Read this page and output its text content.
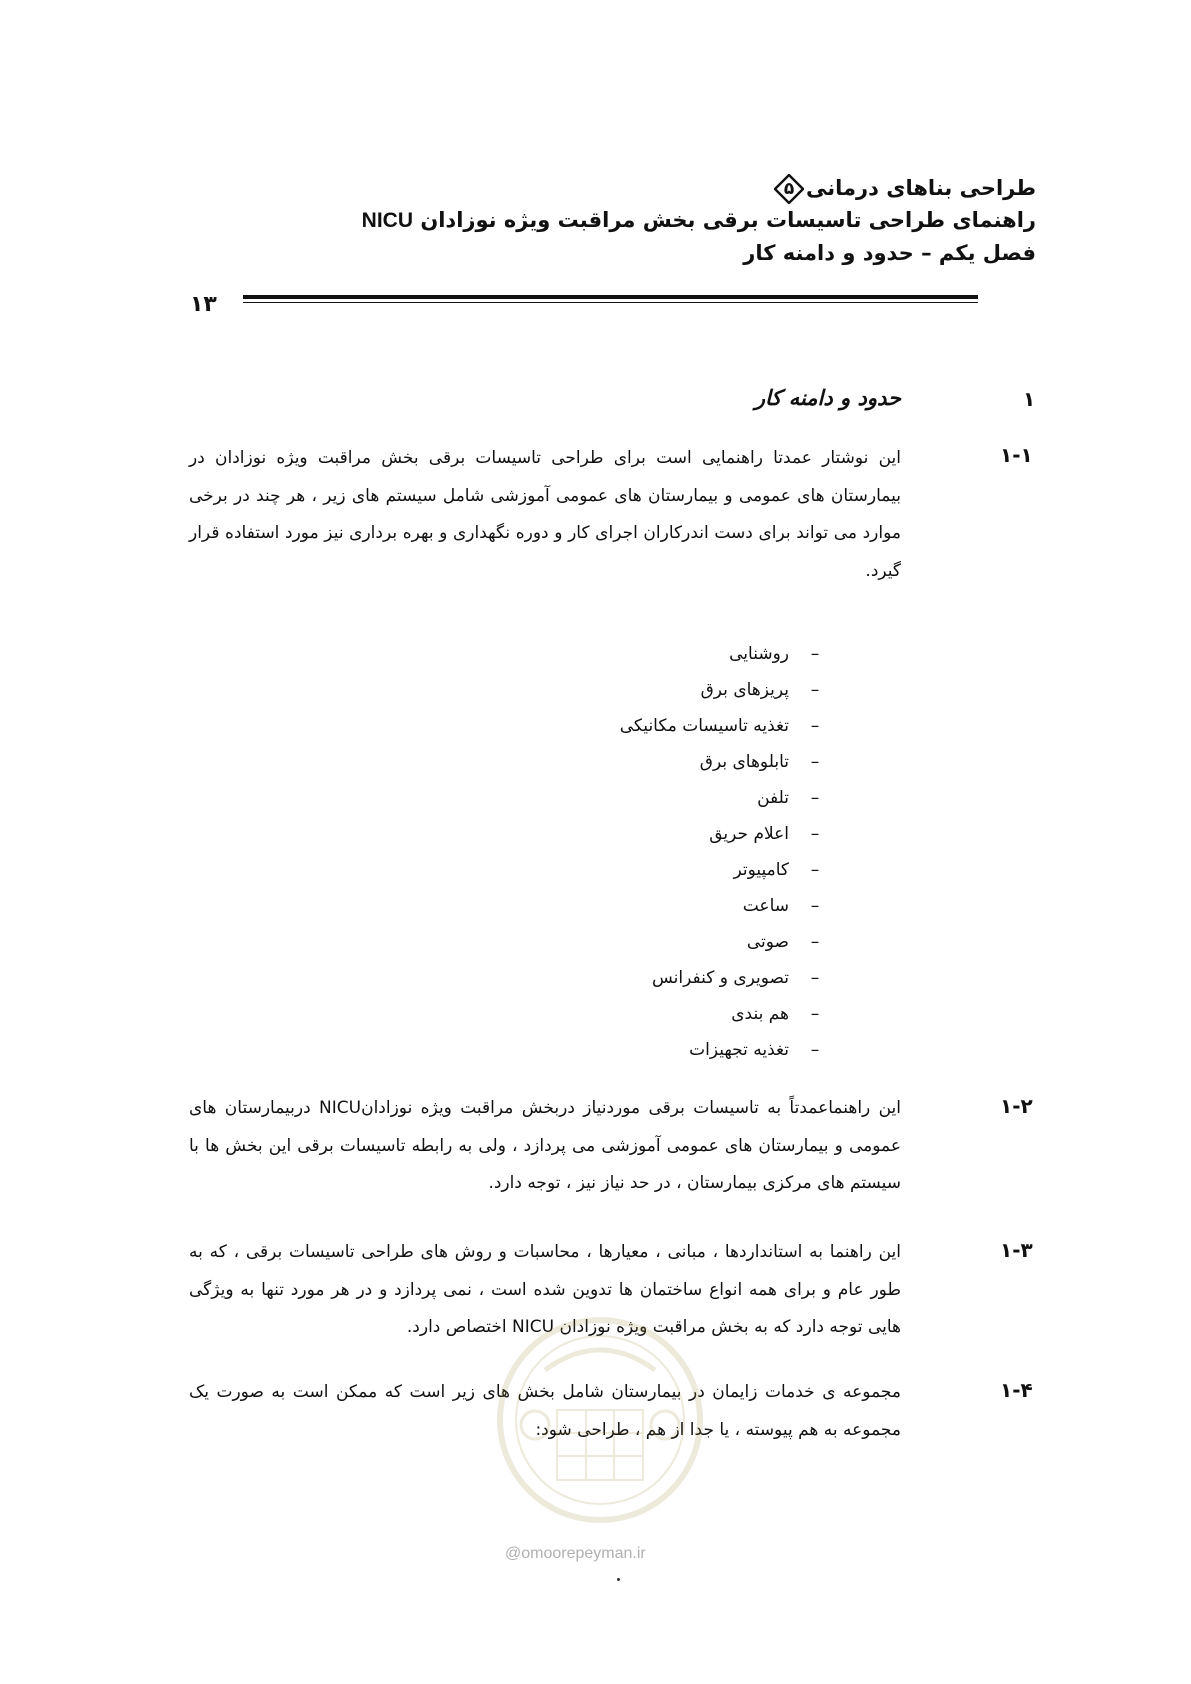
طراحی بناهای درمانی
۵
راهنمای طراحی تاسیسات برقی بخش مراقبت ویژه نوزادان NICU
فصل یکم – حدود و دامنه کار
۱۳
۱
حدود و دامنه کار
۱-۱
این نوشتار عمدتا راهنمایی است برای طراحی تاسیسات برقی بخش مراقبت ویژه نوزادان در بیمارستان های عمومی و بیمارستان های عمومی آموزشی شامل سیستم های زیر ، هر چند در برخی موارد می تواند برای دست اندرکاران اجرای کار و دوره نگهداری و بهره برداری نیز مورد استفاده قرار گیرد.
–روشنایی
–پریزهای برق
–تغذیه تاسیسات مکانیکی
–تابلوهای برق
–تلفن
–اعلام حریق
–کامپیوتر
–ساعت
–صوتی
–تصویری و کنفرانس
–هم بندی
–تغذیه تجهیزات
۱-۲
این راهنماعمدتاً به تاسیسات برقی موردنیاز دربخش مراقبت ویژه نوزادانNICU دربیمارستان های عمومی و بیمارستان های عمومی آموزشی می پردازد ، ولی به رابطه تاسیسات برقی این بخش ها با سیستم های مرکزی بیمارستان ، در حد نیاز نیز ، توجه دارد.
۱-۳
این راهنما به استانداردها ، مبانی ، معیارها ، محاسبات و روش های طراحی تاسیسات برقی ، که به طور عام و برای همه انواع ساختمان ها تدوین شده است ، نمی پردازد و در هر مورد تنها به ویژگی هایی توجه دارد که به بخش مراقبت ویژه نوزادان NICU اختصاص دارد.
۱-۴
مجموعه ی خدمات زایمان در بیمارستان شامل بخش های زیر است که ممکن است به صورت یک مجموعه به هم پیوسته ، یا جدا از هم ، طراحی شود:
@omoorepeyman.ir
